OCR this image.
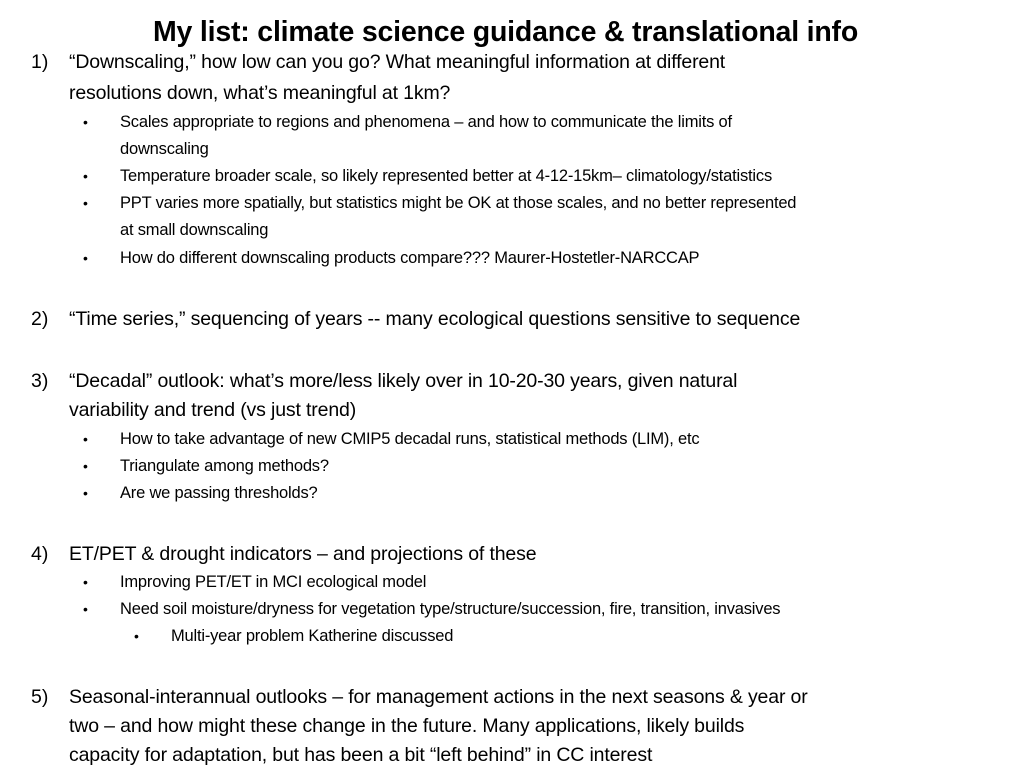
My list: climate science guidance & translational info
1) “Downscaling,” how low can you go? What meaningful information at different
resolutions down, what’s meaningful at 1km?
• Scales appropriate to regions and phenomena – and how to communicate the limits of
downscaling
• Temperature broader scale, so likely represented better at 4-12-15km– climatology/statistics
• PPT varies more spatially, but statistics might be OK at those scales, and no better represented
at small downscaling
• How do different downscaling products compare??? Maurer-Hostetler-NARCCAP
2) “Time series,” sequencing of years -- many ecological questions sensitive to sequence
3) “Decadal” outlook: what’s more/less likely over in 10-20-30 years, given natural
variability and trend (vs just trend)
• How to take advantage of new CMIP5 decadal runs, statistical methods (LIM), etc
• Triangulate among methods?
• Are we passing thresholds?
4) ET/PET & drought indicators – and projections of these
• Improving PET/ET in MCI ecological model
• Need soil moisture/dryness for vegetation type/structure/succession, fire, transition, invasives
• Multi-year problem Katherine discussed
5) Seasonal-interannual outlooks – for management actions in the next seasons & year or
two – and how might these change in the future. Many applications, likely builds
capacity for adaptation, but has been a bit “left behind” in CC interest
